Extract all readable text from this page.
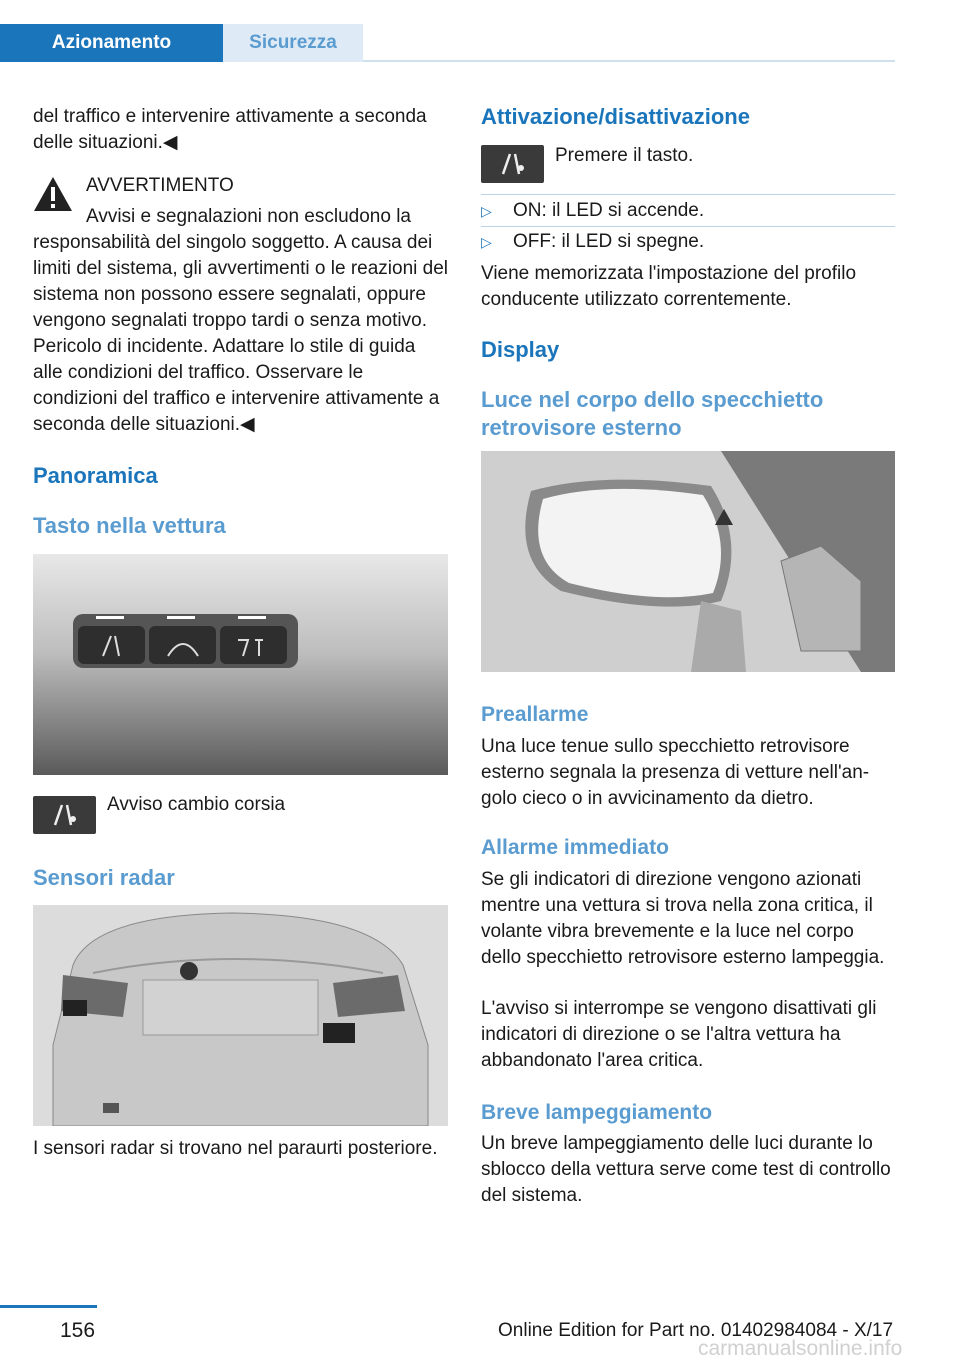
Azionamento	Sicurezza

del traffico e intervenire attivamente a seconda delle situazioni.◀

AVVERTIMENTO

Avvisi e segnalazioni non escludono la

responsabilità del singolo soggetto. A causa dei limiti del sistema, gli avvertimenti o le reazioni del sistema non possono essere segnalati, oppure vengono segnalati troppo tardi o senza motivo. Pericolo di incidente. Adattare lo stile di guida alle condizioni del traffico. Osservare le condizioni del traffico e intervenire attivamente a seconda delle situazioni.◀

Panoramica

Tasto nella vettura

Avviso cambio corsia

Sensori radar

I sensori radar si trovano nel paraurti posteriore.

Attivazione/disattivazione

Premere il tasto.

▷	ON: il LED si accende.
▷	OFF: il LED si spegne.

Viene memorizzata l'impostazione del profilo conducente utilizzato correntemente.

Display

Luce nel corpo dello specchietto retrovisore esterno

Preallarme

Una luce tenue sullo specchietto retrovisore esterno segnala la presenza di vetture nell'angolo cieco o in avvicinamento da dietro.

Allarme immediato

Se gli indicatori di direzione vengono azionati mentre una vettura si trova nella zona critica, il volante vibra brevemente e la luce nel corpo dello specchietto retrovisore esterno lampeggia.

L'avviso si interrompe se vengono disattivati gli indicatori di direzione o se l'altra vettura ha abbandonato l'area critica.

Breve lampeggiamento

Un breve lampeggiamento delle luci durante lo sblocco della vettura serve come test di controllo del sistema.

156	Online Edition for Part no. 01402984084 - X/17
carmanualsonline.info
